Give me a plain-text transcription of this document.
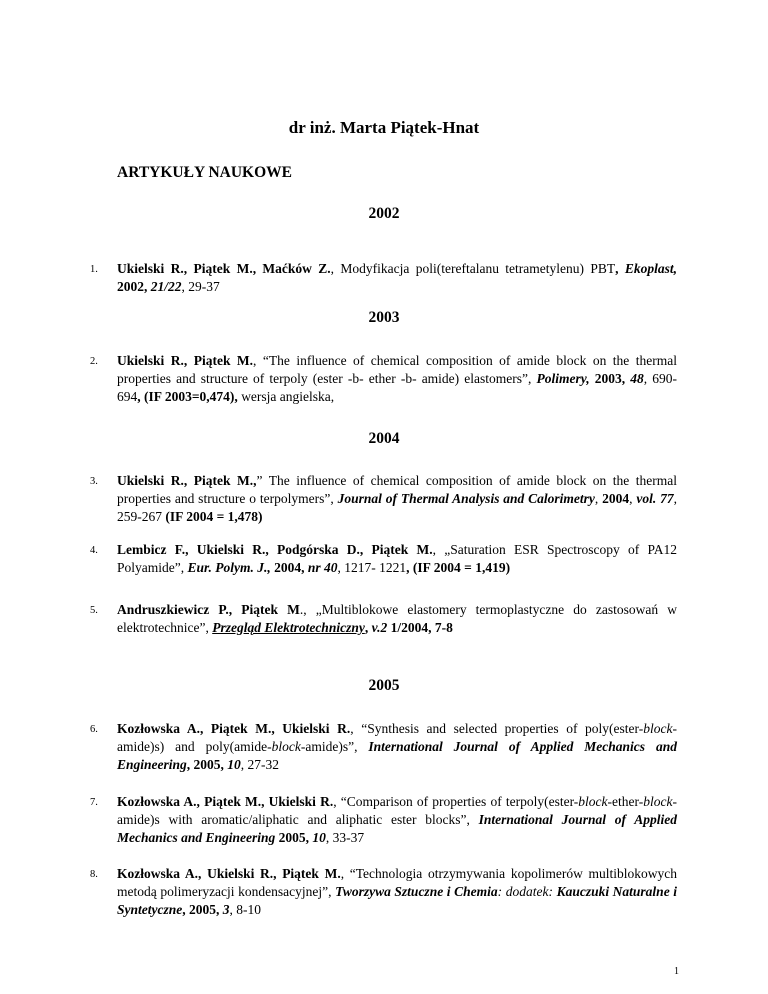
dr inż. Marta Piątek-Hnat
ARTYKUŁY NAUKOWE
2002
2003
2004
2005
1. Ukielski R., Piątek M., Maćków Z., Modyfikacja poli(tereftalanu tetrametylenu) PBT, Ekoplast, 2002, 21/22, 29-37
2. Ukielski R., Piątek M., “The influence of chemical composition of amide block on the thermal properties and structure of terpoly (ester -b- ether -b- amide) elastomers”, Polimery, 2003, 48, 690- 694, (IF 2003=0,474), wersja angielska,
3. Ukielski R., Piątek M.,” The influence of chemical composition of amide block on the thermal properties and structure o terpolymers”, Journal of Thermal Analysis and Calorimetry, 2004, vol. 77, 259-267 (IF 2004 = 1,478)
4. Lembicz F., Ukielski R., Podgórska D., Piątek M., „Saturation ESR Spectroscopy of PA12 Polyamide”, Eur. Polym. J., 2004, nr 40, 1217- 1221, (IF 2004 = 1,419)
5. Andruszkiewicz P., Piątek M., „Multiblokowe elastomery termoplastyczne do zastosowań w elektrotechnice”, Przegląd Elektrotechniczny, v.2 1/2004, 7-8
6. Kozłowska A., Piątek M., Ukielski R., “Synthesis and selected properties of poly(ester-block-amide)s) and poly(amide-block-amide)s”, International Journal of Applied Mechanics and Engineering, 2005, 10, 27-32
7. Kozłowska A., Piątek M., Ukielski R., “Comparison of properties of terpoly(ester-block-ether-block-amide)s with aromatic/aliphatic and aliphatic ester blocks”, International Journal of Applied Mechanics and Engineering 2005, 10, 33-37
8. Kozłowska A., Ukielski R., Piątek M., “Technologia otrzymywania kopolimerów multiblokowych metodą polimeryzacji kondensacyjnej”, Tworzywa Sztuczne i Chemia: dodatek: Kauczuki Naturalne i Syntetyczne, 2005, 3, 8-10
1
